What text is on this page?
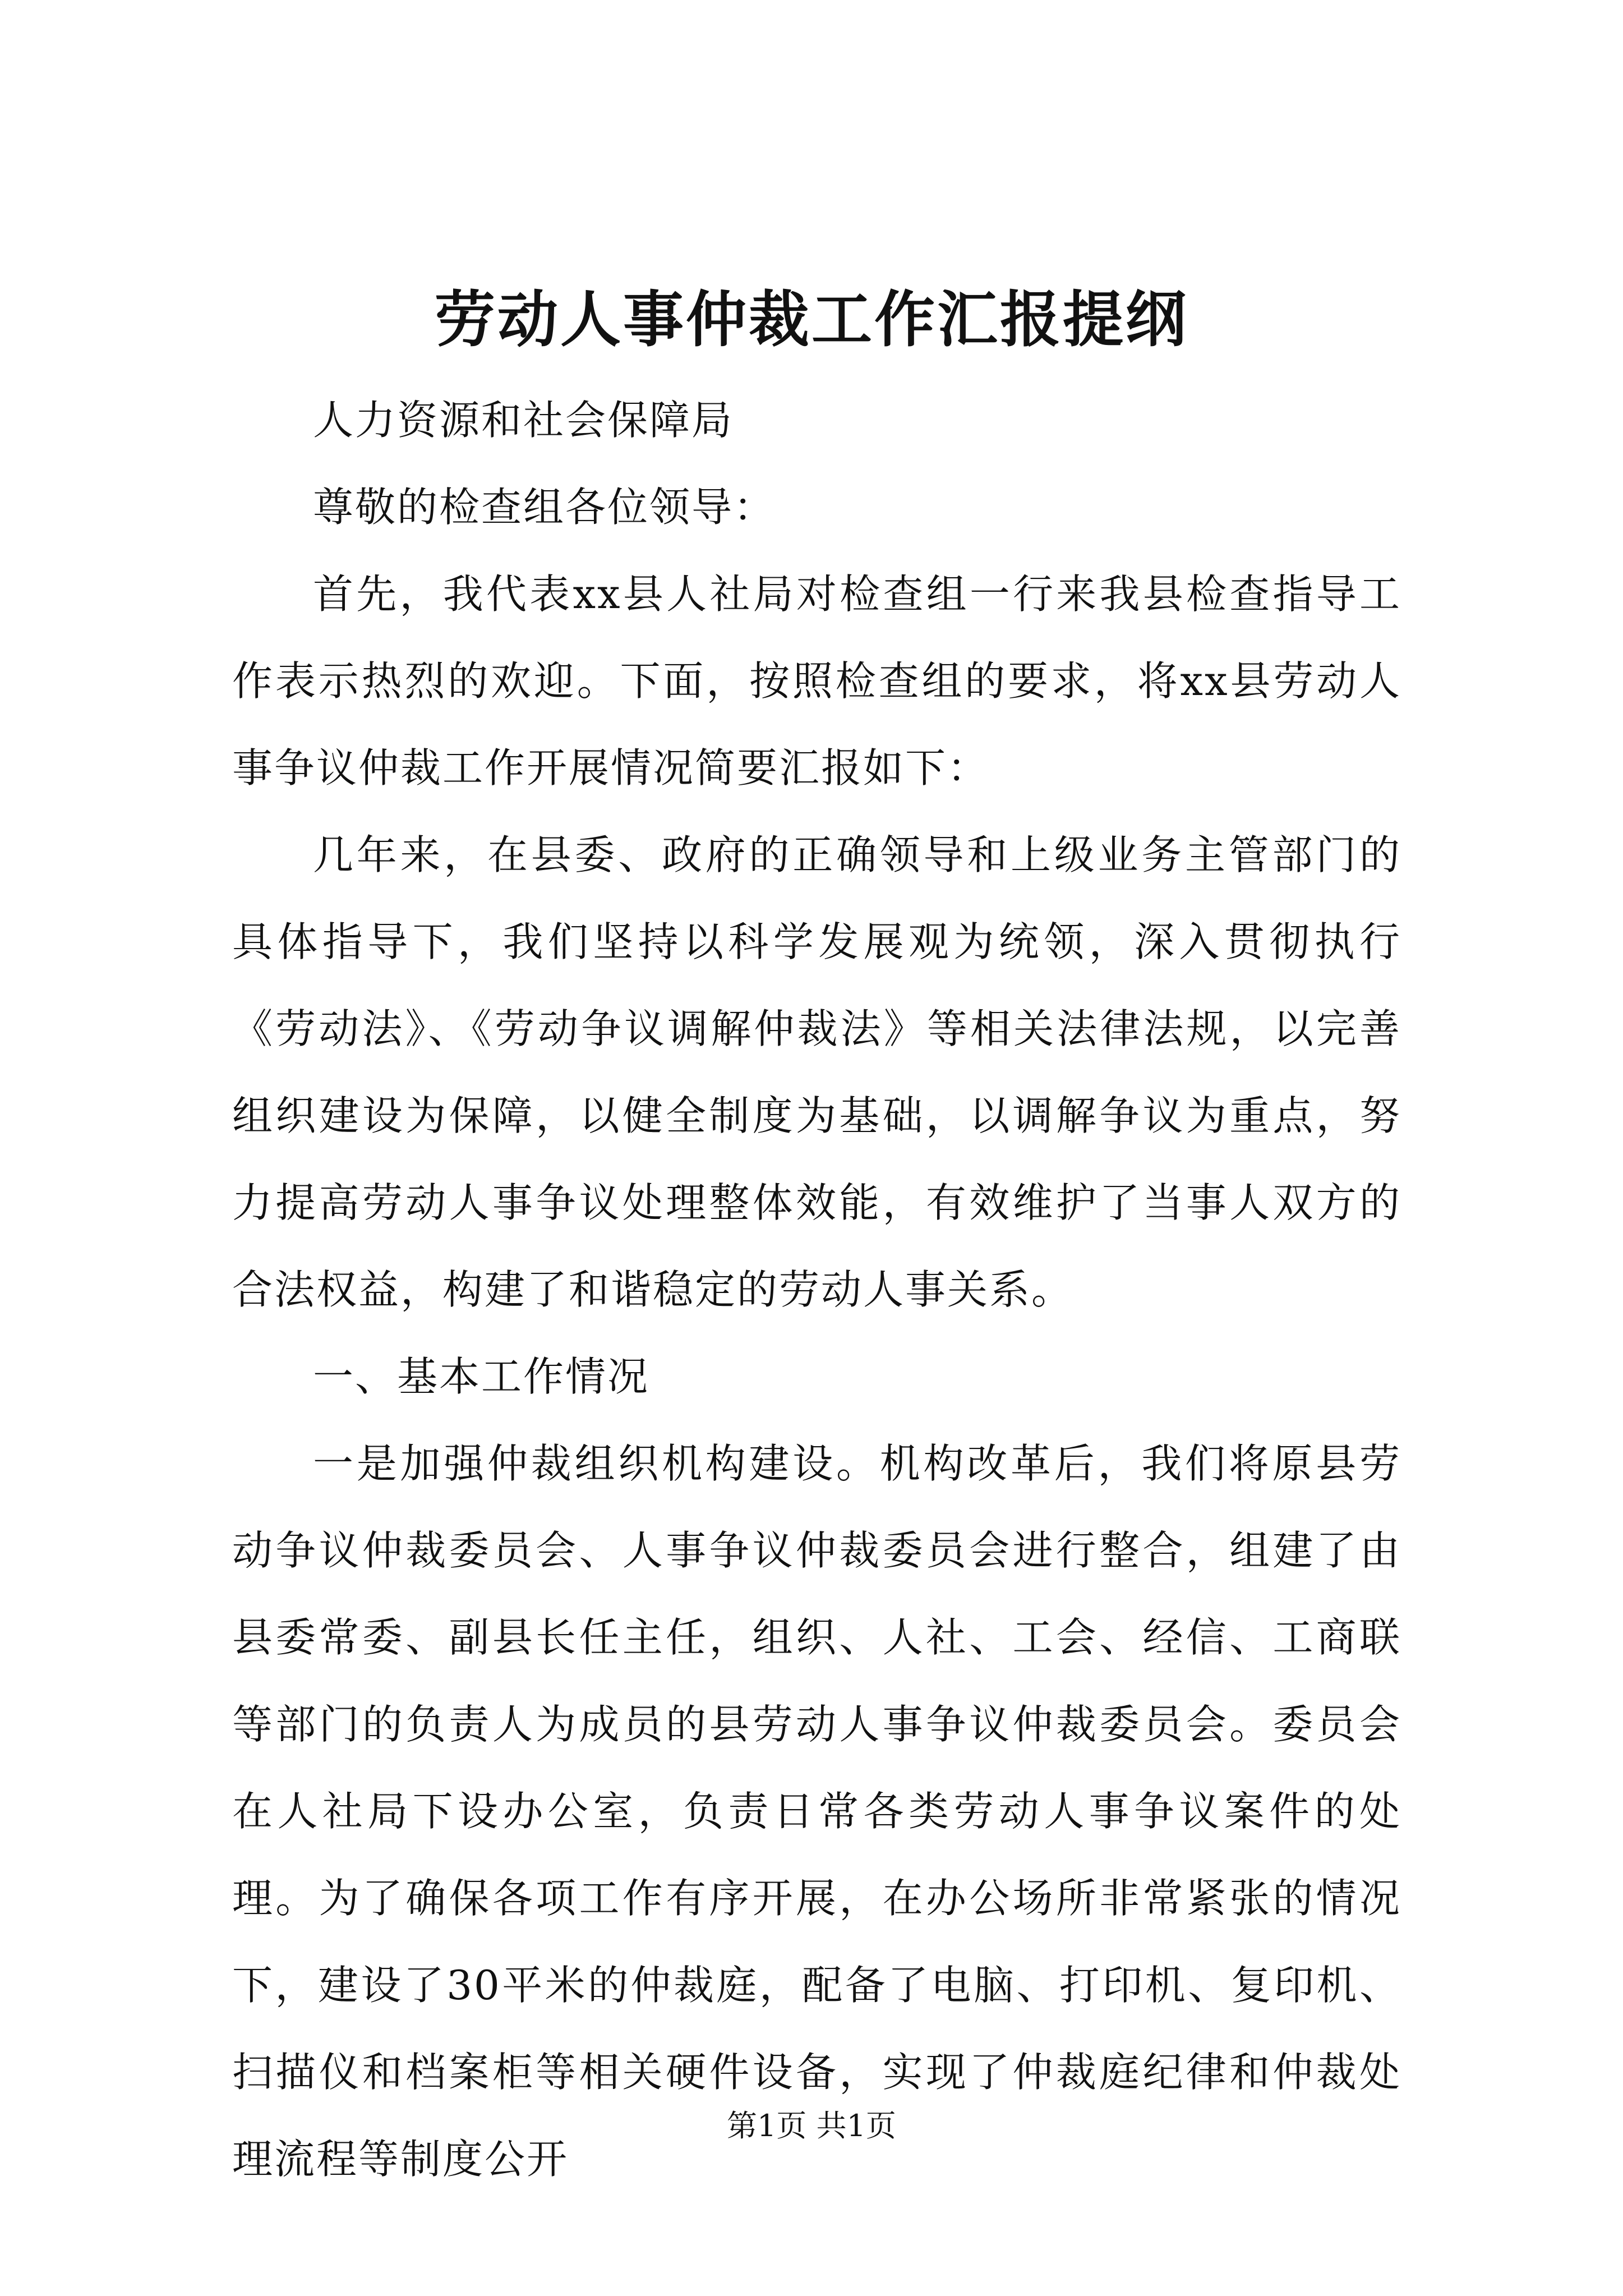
劳动人事仲裁工作汇报提纲

人力资源和社会保障局

尊敬的检查组各位领导：

首先，我代表xx县人社局对检查组一行来我县检查指导工作表示热烈的欢迎。下面，按照检查组的要求，将xx县劳动人事争议仲裁工作开展情况简要汇报如下：

几年来，在县委、政府的正确领导和上级业务主管部门的具体指导下，我们坚持以科学发展观为统领，深入贯彻执行《劳动法》、《劳动争议调解仲裁法》等相关法律法规，以完善组织建设为保障，以健全制度为基础，以调解争议为重点，努力提高劳动人事争议处理整体效能，有效维护了当事人双方的合法权益，构建了和谐稳定的劳动人事关系。

一、基本工作情况

一是加强仲裁组织机构建设。机构改革后，我们将原县劳动争议仲裁委员会、人事争议仲裁委员会进行整合，组建了由县委常委、副县长任主任，组织、人社、工会、经信、工商联等部门的负责人为成员的县劳动人事争议仲裁委员会。委员会在人社局下设办公室，负责日常各类劳动人事争议案件的处理。为了确保各项工作有序开展，在办公场所非常紧张的情况下，建设了30平米的仲裁庭，配备了电脑、打印机、复印机、扫描仪和档案柜等相关硬件设备，实现了仲裁庭纪律和仲裁处理流程等制度公开

第1页 共1页
